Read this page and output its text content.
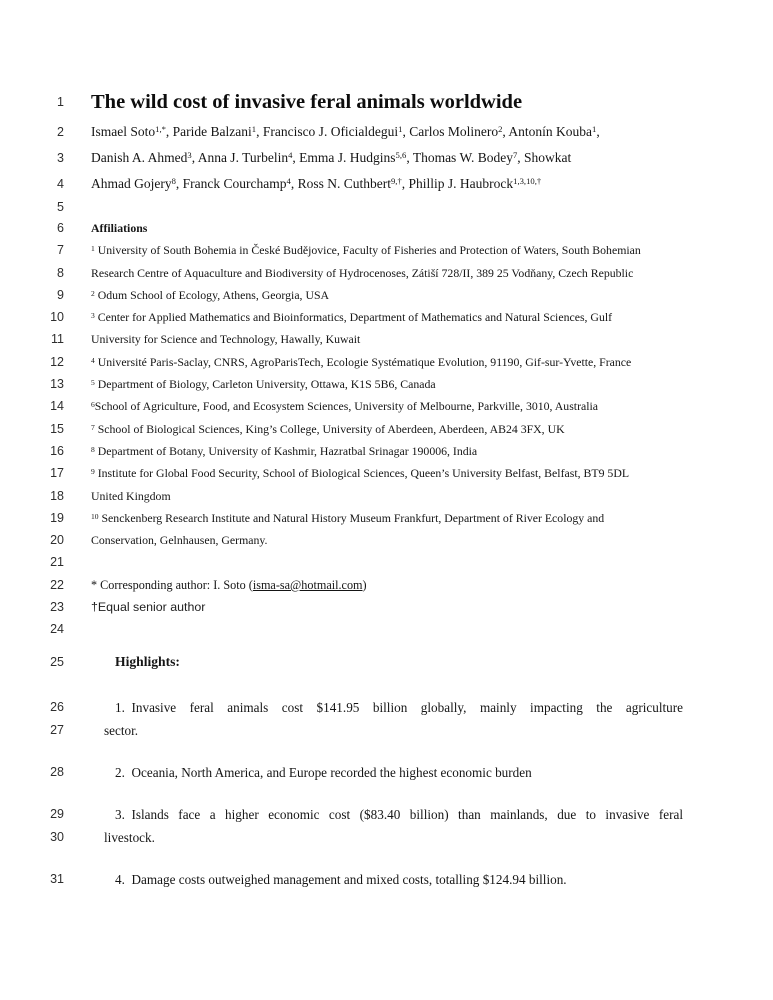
1 The wild cost of invasive feral animals worldwide
2 Ismael Soto$^{1,*}$, Paride Balzani$^1$, Francisco J. Oficialdegui$^1$, Carlos Molinero$^2$, Antonín Kouba$^1$,
3 Danish A. Ahmed$^3$, Anna J. Turbelin$^4$, Emma J. Hudgins$^{5,6}$, Thomas W. Bodey$^7$, Showkat
4 Ahmad Gojery$^8$, Franck Courchamp$^4$, Ross N. Cuthbert$^{9,\dagger}$, Phillip J. Haubrock$^{1,3,10,\dagger}$
5
6 Affiliations
7	$^1$ University of South Bohemia in České Budějovice, Faculty of Fisheries and Protection of Waters, South Bohemian
8 Research Centre of Aquaculture and Biodiversity of Hydrocenoses, Zátiší 728/II, 389 25 Vodňany, Czech Republic
9	$^2$ Odum School of Ecology, Athens, Georgia, USA
10	$^3$ Center for Applied Mathematics and Bioinformatics, Department of Mathematics and Natural Sciences, Gulf
11 University for Science and Technology, Hawally, Kuwait
12	$^4$ Université Paris-Saclay, CNRS, AgroParisTech, Ecologie Systématique Evolution, 91190, Gif-sur-Yvette, France
13	$^5$ Department of Biology, Carleton University, Ottawa, K1S 5B6, Canada
14	$^6$School of Agriculture, Food, and Ecosystem Sciences, University of Melbourne, Parkville, 3010, Australia
15	$^7$ School of Biological Sciences, King’s College, University of Aberdeen, Aberdeen, AB24 3FX, UK
16	$^8$ Department of Botany, University of Kashmir, Hazratbal Srinagar 190006, India
17	$^9$ Institute for Global Food Security, School of Biological Sciences, Queen’s University Belfast, Belfast, BT9 5DL
18 United Kingdom
19	$^{10}$ Senckenberg Research Institute and Natural History Museum Frankfurt, Department of River Ecology and
20 Conservation, Gelnhausen, Germany.
21
22 * Corresponding author: I. Soto (isma-sa@hotmail.com)
23 †Equal senior author
24
25	Highlights:
26	1. Invasive feral animals cost $141.95 billion globally, mainly impacting the agriculture
27	sector.
28	2. Oceania, North America, and Europe recorded the highest economic burden
29	3. Islands face a higher economic cost ($83.40 billion) than mainlands, due to invasive feral
30	livestock.
31	4. Damage costs outweighed management and mixed costs, totalling $124.94 billion.
